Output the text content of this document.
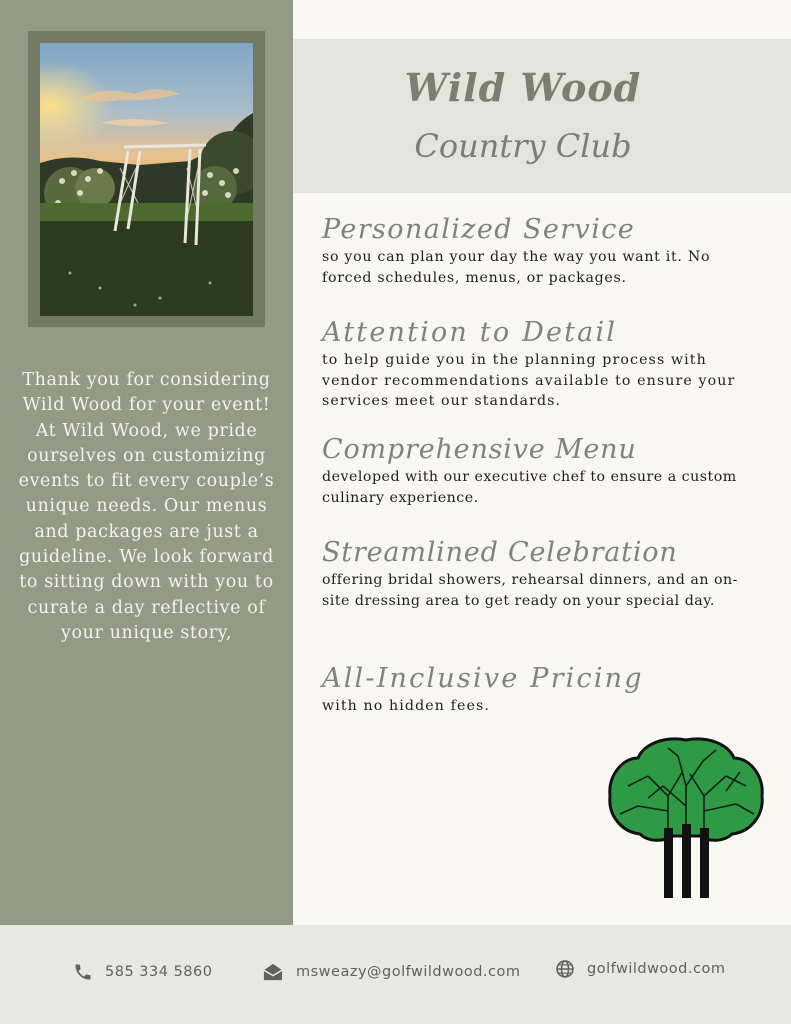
Thank you for considering Wild Wood for your event! At Wild Wood, we pride ourselves on customizing events to fit every couple’s unique needs. Our menus and packages are just a guideline. We look forward to sitting down with you to curate a day reflective of your unique story,

Wild Wood
Country Club
Personalized Service

so you can plan your day the way you want it. No forced schedules, menus, or packages.

Attention to Detail

to help guide you in the planning process with vendor recommendations available to ensure your services meet our standards.

Comprehensive Menu

developed with our executive chef to ensure a custom culinary experience.

Streamlined Celebration

offering bridal showers, rehearsal dinners, and an on-site dressing area to get ready on your special day.

All-Inclusive Pricing

with no hidden fees.

585 334 5860	msweazy@golfwildwood.com	golfwildwood.com
